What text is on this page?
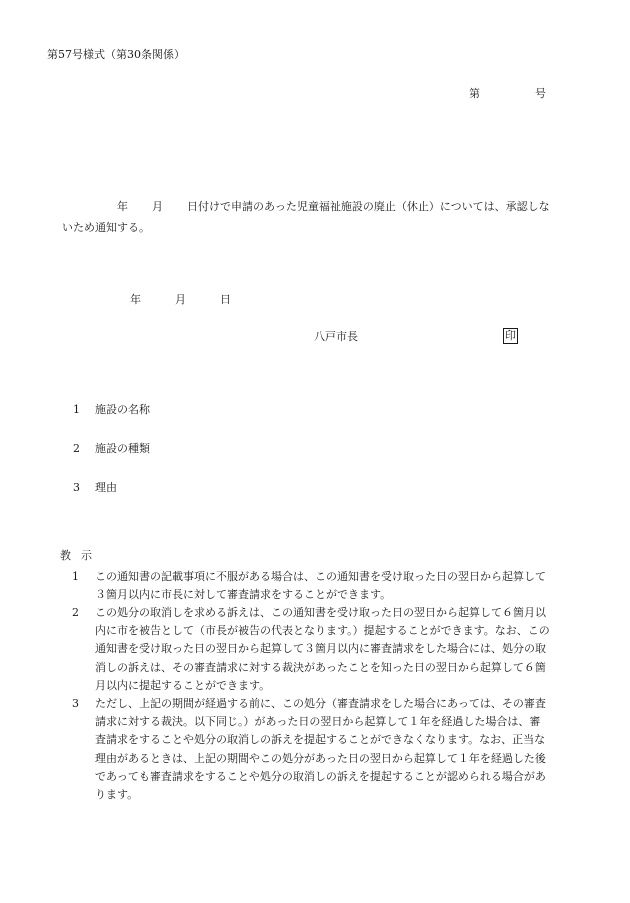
第57号様式（第30条関係）
第	号
年 月 日付けで申請のあった児童福祉施設の廃止（休止）については、承認しないため通知する。
年	月	日
八戸市長	印
1 施設の名称
2 施設の種類
3 理由
教 示
1 この通知書の記載事項に不服がある場合は、この通知書を受け取った日の翌日から起算して３箇月以内に市長に対して審査請求をすることができます。
2 この処分の取消しを求める訴えは、この通知書を受け取った日の翌日から起算して６箇月以内に市を被告として（市長が被告の代表となります。）提起することができます。なお、この通知書を受け取った日の翌日から起算して３箇月以内に審査請求をした場合には、処分の取消しの訴えは、その審査請求に対する裁決があったことを知った日の翌日から起算して６箇月以内に提起することができます。
3 ただし、上記の期間が経過する前に、この処分（審査請求をした場合にあっては、その審査請求に対する裁決。以下同じ。）があった日の翌日から起算して１年を経過した場合は、審査請求をすることや処分の取消しの訴えを提起することができなくなります。なお、正当な理由があるときは、上記の期間やこの処分があった日の翌日から起算して１年を経過した後であっても審査請求をすることや処分の取消しの訴えを提起することが認められる場合があります。
